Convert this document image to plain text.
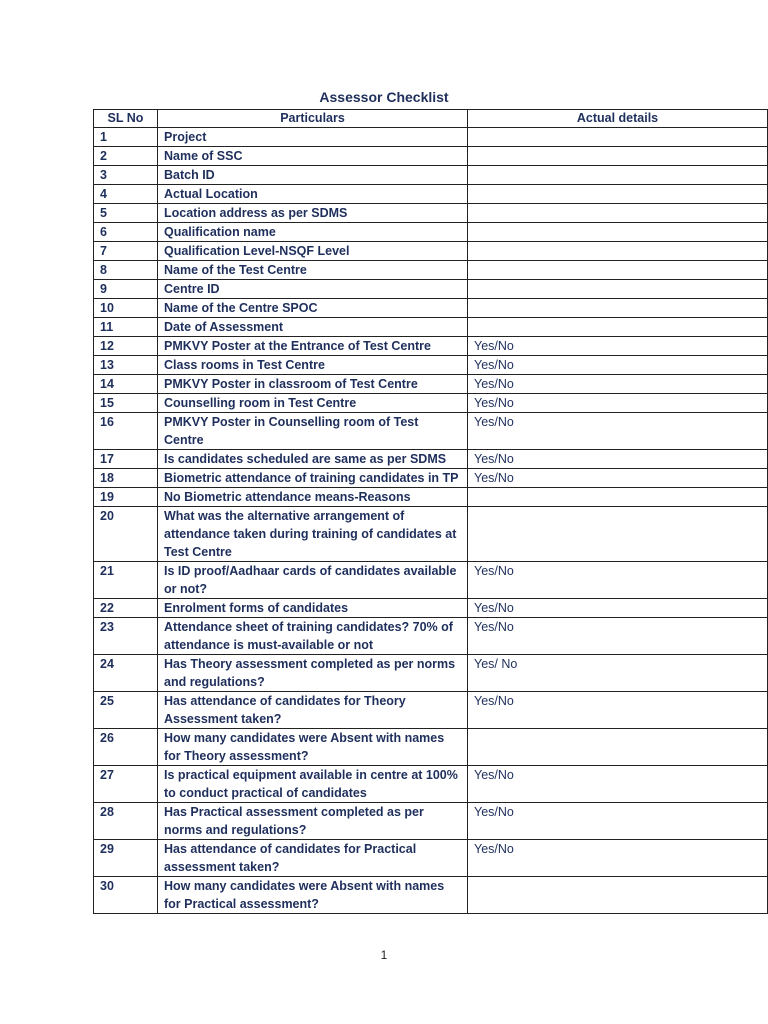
Assessor Checklist
SL No	Particulars	Actual details
1	Project	
2	Name of SSC	
3	Batch ID	
4	Actual Location	
5	Location address as per SDMS	
6	Qualification name	
7	Qualification Level-NSQF Level	
8	Name of the Test Centre	
9	Centre ID	
10	Name of the Centre SPOC	
11	Date of Assessment	
12	PMKVY Poster at the Entrance of Test Centre	Yes/No
13	Class rooms in Test Centre	Yes/No
14	PMKVY Poster in classroom of Test Centre	Yes/No
15	Counselling room in Test Centre	Yes/No
16	PMKVY Poster in Counselling room of Test Centre	Yes/No
17	Is candidates scheduled are same as per SDMS	Yes/No
18	Biometric attendance of training candidates in TP	Yes/No
19	No Biometric attendance means-Reasons	
20	What was the alternative arrangement of attendance taken during training of candidates at Test Centre	
21	Is ID proof/Aadhaar cards of candidates available or not?	Yes/No
22	Enrolment forms of candidates	Yes/No
23	Attendance sheet of training candidates? 70% of attendance is must-available or not	Yes/No
24	Has Theory assessment completed as per norms and regulations?	Yes/ No
25	Has attendance of candidates for Theory Assessment taken?	Yes/No
26	How many candidates were Absent with names for Theory assessment?	
27	Is practical equipment available in centre at 100% to conduct practical of candidates	Yes/No
28	Has Practical assessment completed as per norms and regulations?	Yes/No
29	Has attendance of candidates for Practical assessment taken?	Yes/No
30	How many candidates were Absent with names for Practical assessment?	
1
